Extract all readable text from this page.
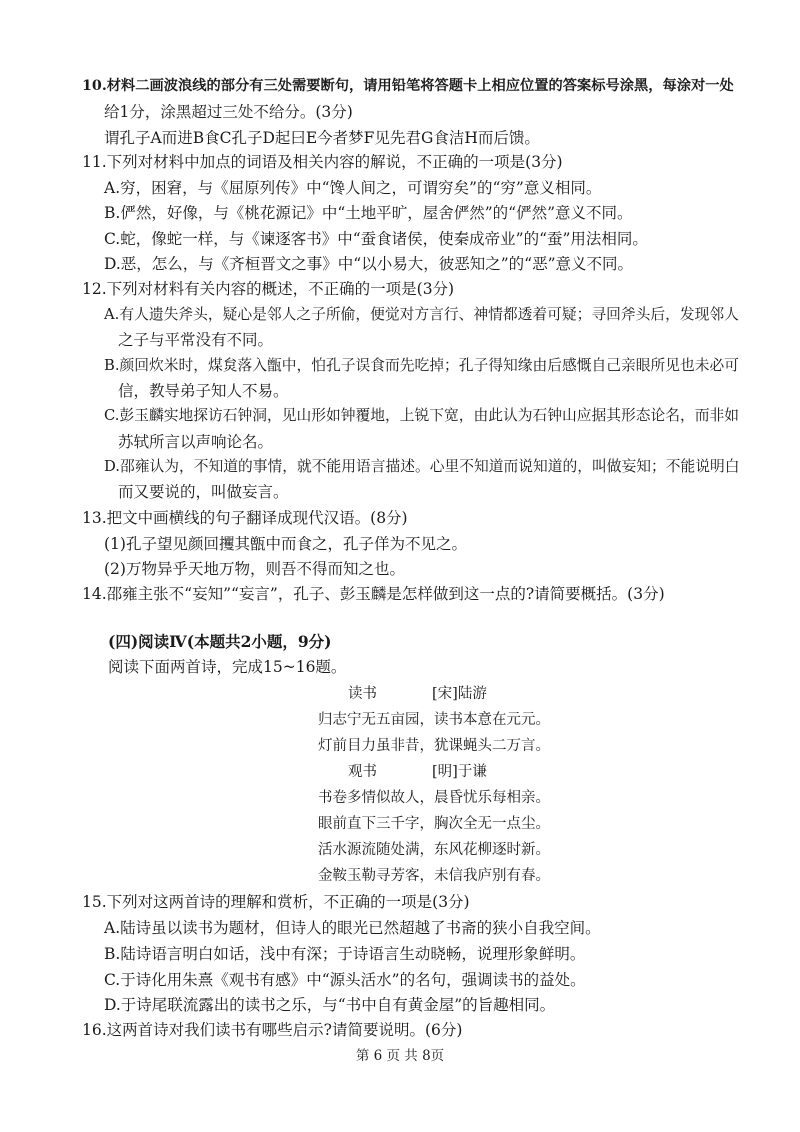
10.材料二画波浪线的部分有三处需要断句，请用铅笔将答题卡上相应位置的答案标号涂黑，每涂对一处
给1分，涂黑超过三处不给分。(3分)
谓孔子A而进B食C孔子D起曰E今者梦F见先君G食洁H而后馈。
11.下列对材料中加点的词语及相关内容的解说，不正确的一项是(3分)
A.穷，困窘，与《屈原列传》中“馋人间之，可谓穷矣”的“穷”意义相同。
B.俨然，好像，与《桃花源记》中“土地平旷，屋舍俨然”的“俨然”意义不同。
C.蛇，像蛇一样，与《谏逐客书》中“蚕食诸侯，使秦成帝业”的“蚕”用法相同。
D.恶，怎么，与《齐桓晋文之事》中“以小易大，彼恶知之”的“恶”意义不同。
12.下列对材料有关内容的概述，不正确的一项是(3分)
A.有人遗失斧头，疑心是邻人之子所偷，便觉对方言行、神情都透着可疑；寻回斧头后，发现邻人
之子与平常没有不同。
B.颜回炊米时，煤炱落入甑中，怕孔子误食而先吃掉；孔子得知缘由后感慨自己亲眼所见也未必可
信，教导弟子知人不易。
C.彭玉麟实地探访石钟洞，见山形如钟覆地，上锐下宽，由此认为石钟山应据其形态论名，而非如
苏轼所言以声响论名。
D.邵雍认为，不知道的事情，就不能用语言描述。心里不知道而说知道的，叫做妄知；不能说明白
而又要说的，叫做妄言。
13.把文中画横线的句子翻译成现代汉语。(8分)
(1)孔子望见颜回攫其甑中而食之，孔子佯为不见之。
(2)万物异乎天地万物，则吾不得而知之也。
14.邵雍主张不“妄知”“妄言”，孔子、彭玉麟是怎样做到这一点的?请简要概括。(3分)
(四)阅读Ⅳ(本题共2小题，9分)
阅读下面两首诗，完成15~16题。
读书	[宋]陆游
归志宁无五亩园，读书本意在元元。
灯前目力虽非昔，犹课蝇头二万言。
观书	[明]于谦
书卷多情似故人，晨昏忧乐每相亲。
眼前直下三千字，胸次全无一点尘。
活水源流随处满，东风花柳逐时新。
金鞍玉勒寻芳客，未信我庐别有春。
15.下列对这两首诗的理解和赏析，不正确的一项是(3分)
A.陆诗虽以读书为题材，但诗人的眼光已然超越了书斋的狭小自我空间。
B.陆诗语言明白如话，浅中有深；于诗语言生动晓畅，说理形象鲜明。
C.于诗化用朱熹《观书有感》中“源头活水”的名句，强调读书的益处。
D.于诗尾联流露出的读书之乐，与“书中自有黄金屋”的旨趣相同。
16.这两首诗对我们读书有哪些启示?请简要说明。(6分)
第 6 页 共 8页
